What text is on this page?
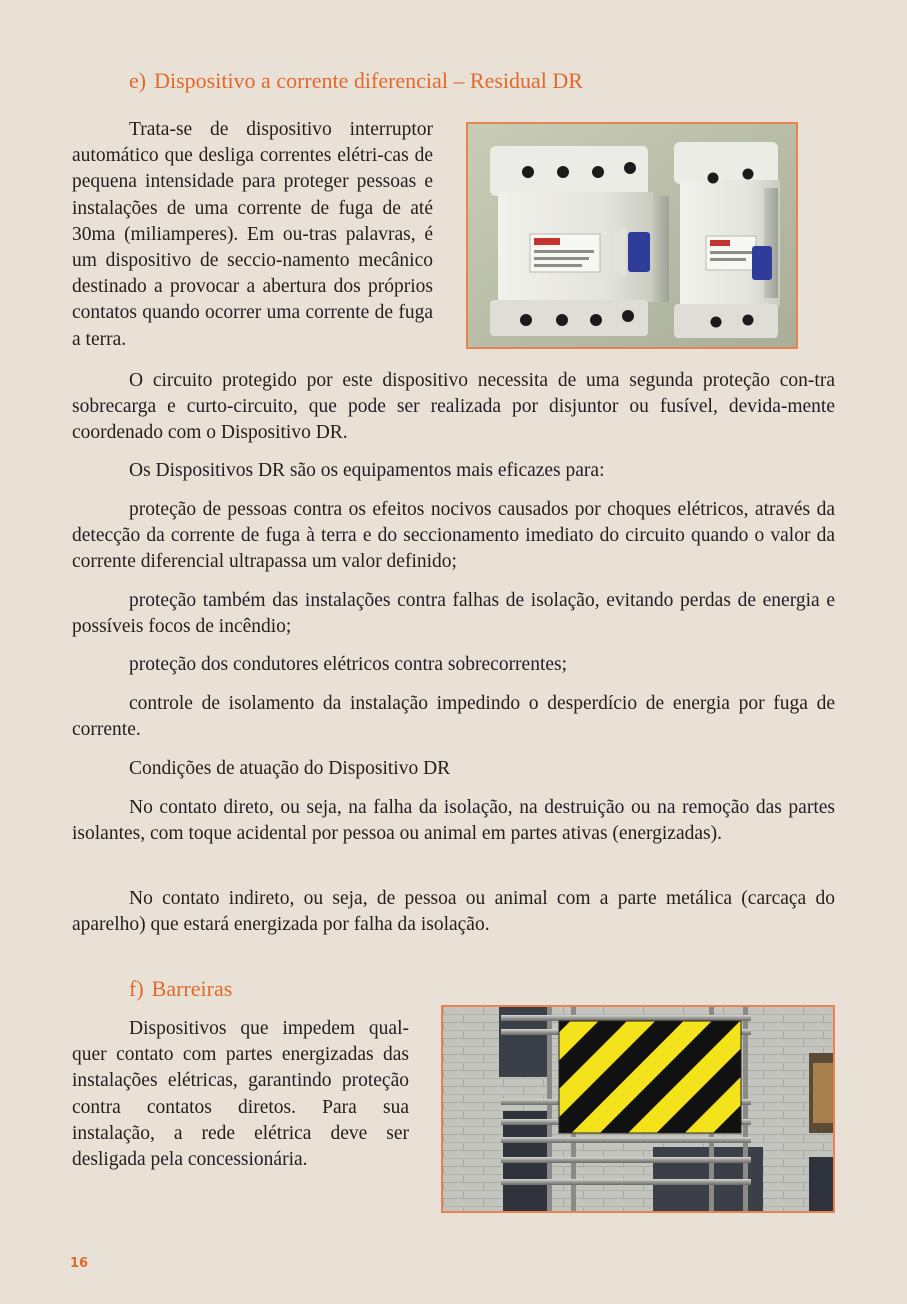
e) Dispositivo a corrente diferencial – Residual DR

Trata-se de dispositivo interruptor automático que desliga correntes elétri-cas de pequena intensidade para proteger pessoas e instalações de uma corrente de fuga de até 30ma (miliamperes). Em ou-tras palavras, é um dispositivo de seccio-namento mecânico destinado a provocar a abertura dos próprios contatos quando ocorrer uma corrente de fuga a terra.

O circuito protegido por este dispositivo necessita de uma segunda proteção con-tra sobrecarga e curto-circuito, que pode ser realizada por disjuntor ou fusível, devida-mente coordenado com o Dispositivo DR.

Os Dispositivos DR são os equipamentos mais eficazes para:

proteção de pessoas contra os efeitos nocivos causados por choques elétricos, através da detecção da corrente de fuga à terra e do seccionamento imediato do circuito quando o valor da corrente diferencial ultrapassa um valor definido;

proteção também das instalações contra falhas de isolação, evitando perdas de energia e possíveis focos de incêndio;

proteção dos condutores elétricos contra sobrecorrentes;

controle de isolamento da instalação impedindo o desperdício de energia por fuga de corrente.

Condições de atuação do Dispositivo DR

No contato direto, ou seja, na falha da isolação, na destruição ou na remoção das partes isolantes, com toque acidental por pessoa ou animal em partes ativas (energizadas).

No contato indireto, ou seja, de pessoa ou animal com a parte metálica (carcaça do aparelho) que estará energizada por falha da isolação.

f) Barreiras

Dispositivos que impedem qual-quer contato com partes energizadas das instalações elétricas, garantindo proteção contra contatos diretos. Para sua instalação, a rede elétrica deve ser desligada pela concessionária.

16
